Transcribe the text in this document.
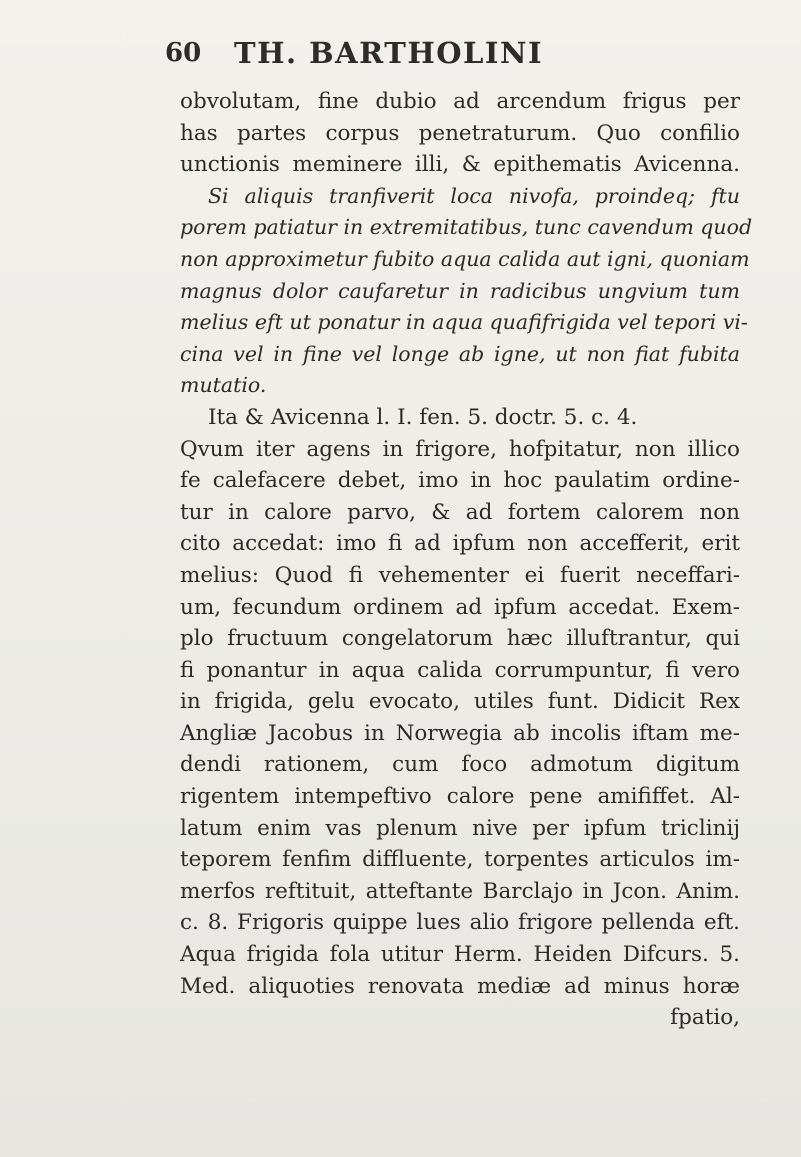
60 TH. BARTHOLINI
obvolutam, fine dubio ad arcendum frigus per
has partes corpus penetraturum. Quo confilio
unctionis meminere illi, & epithematis Avicenna.
Si aliquis tranfiverit loca nivofa, proindeq; ftu
porem patiatur in extremitatibus, tunc cavendum quod
non approximetur fubito aqua calida aut igni, quoniam
magnus dolor caufaretur in radicibus ungvium tum
melius eft ut ponatur in aqua quafifrigida vel tepori vi-
cina vel in fine vel longe ab igne, ut non fiat fubita
mutatio.
Ita & Avicenna l. I. fen. 5. doctr. 5. c. 4.
Qvum iter agens in frigore, hofpitatur, non illico
fe calefacere debet, imo in hoc paulatim ordine-
tur in calore parvo, & ad fortem calorem non
cito accedat: imo fi ad ipfum non accefferit, erit
melius: Quod fi vehementer ei fuerit neceffari-
um, fecundum ordinem ad ipfum accedat. Exem-
plo fructuum congelatorum hæc illuftrantur, qui
fi ponantur in aqua calida corrumpuntur, fi vero
in frigida, gelu evocato, utiles funt. Didicit Rex
Angliæ Jacobus in Norwegia ab incolis iftam me-
dendi rationem, cum foco admotum digitum
rigentem intempeftivo calore pene amififfet. Al-
latum enim vas plenum nive per ipfum triclinij
teporem fenfim diffluente, torpentes articulos im-
merfos reftituit, atteftante Barclajo in Jcon. Anim.
c. 8. Frigoris quippe lues alio frigore pellenda eft.
Aqua frigida fola utitur Herm. Heiden Difcurs. 5.
Med. aliquoties renovata mediæ ad minus horæ
fpatio,
